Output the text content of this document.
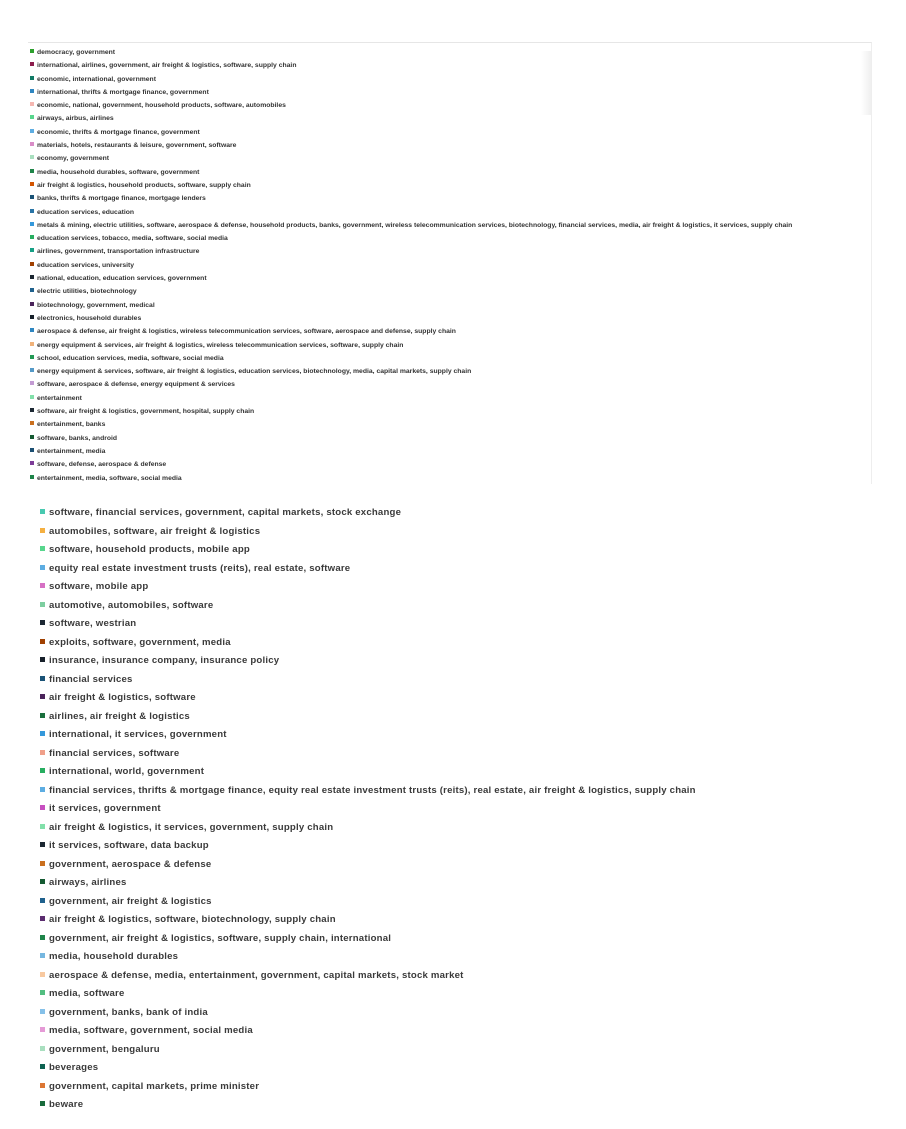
democracy, government
international, airlines, government, air freight & logistics, software, supply chain
economic, international, government
international, thrifts & mortgage finance, government
economic, national, government, household products, software, automobiles
airways, airbus, airlines
economic, thrifts & mortgage finance, government
materials, hotels, restaurants & leisure, government, software
economy, government
media, household durables, software, government
air freight & logistics, household products, software, supply chain
banks, thrifts & mortgage finance, mortgage lenders
education services, education
metals & mining, electric utilities, software, aerospace & defense, household products, banks, government, wireless telecommunication services, biotechnology, financial services, media, air freight & logistics, it services, supply chain
education services, tobacco, media, software, social media
airlines, government, transportation infrastructure
education services, university
national, education, education services, government
electric utilities, biotechnology
biotechnology, government, medical
electronics, household durables
aerospace & defense, air freight & logistics, wireless telecommunication services, software, aerospace and defense, supply chain
energy equipment & services, air freight & logistics, wireless telecommunication services, software, supply chain
school, education services, media, software, social media
energy equipment & services, software, air freight & logistics, education services, biotechnology, media, capital markets, supply chain
software, aerospace & defense, energy equipment & services
entertainment
software, air freight & logistics, government, hospital, supply chain
entertainment, banks
software, banks, android
entertainment, media
software, defense, aerospace & defense
entertainment, media, software, social media
software, financial services, government, capital markets, stock exchange
automobiles, software, air freight & logistics
software, household products, mobile app
equity real estate investment trusts (reits), real estate, software
software, mobile app
automotive, automobiles, software
software, westrian
exploits, software, government, media
insurance, insurance company, insurance policy
financial services
air freight & logistics, software
airlines, air freight & logistics
international, it services, government
financial services, software
international, world, government
financial services, thrifts & mortgage finance, equity real estate investment trusts (reits), real estate, air freight & logistics, supply chain
it services, government
air freight & logistics, it services, government, supply chain
it services, software, data backup
government, aerospace & defense
airways, airlines
government, air freight & logistics
air freight & logistics, software, biotechnology, supply chain
government, air freight & logistics, software, supply chain, international
media, household durables
aerospace & defense, media, entertainment, government, capital markets, stock market
media, software
government, banks, bank of india
media, software, government, social media
government, bengaluru
beverages
government, capital markets, prime minister
beware
